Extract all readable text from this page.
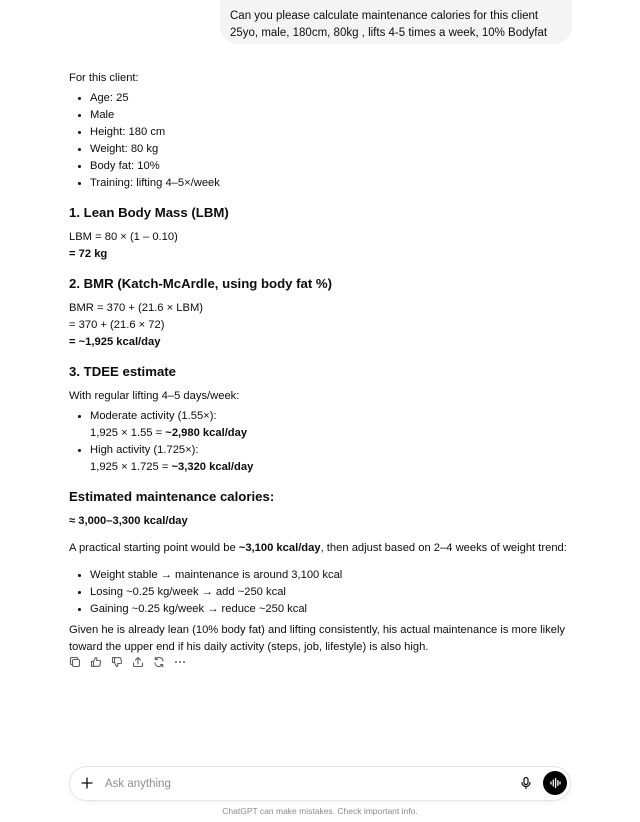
Can you please calculate maintenance calories for this client 25yo, male, 180cm, 80kg , lifts 4-5 times a week, 10% Bodyfat

For this client:

• Age: 25
• Male
• Height: 180 cm
• Weight: 80 kg
• Body fat: 10%
• Training: lifting 4–5×/week
1. Lean Body Mass (LBM)

LBM = 80 × (1 – 0.10)

= 72 kg

2. BMR (Katch-McArdle, using body fat %)

BMR = 370 + (21.6 × LBM)

= 370 + (21.6 × 72)

= ~1,925 kcal/day

3. TDEE estimate

With regular lifting 4–5 days/week:

• Moderate activity (1.55×):
1,925 × 1.55 = ~2,980 kcal/day
• High activity (1.725×):
1,925 × 1.725 = ~3,320 kcal/day
Estimated maintenance calories:

≈ 3,000–3,300 kcal/day

A practical starting point would be ~3,100 kcal/day, then adjust based on 2–4 weeks of weight trend:

• Weight stable → maintenance is around 3,100 kcal
• Losing ~0.25 kg/week → add ~250 kcal
• Gaining ~0.25 kg/week → reduce ~250 kcal

Given he is already lean (10% body fat) and lifting consistently, his actual maintenance is more likely toward the upper end if his daily activity (steps, job, lifestyle) is also high.

Ask anything
ChatGPT can make mistakes. Check important info.
